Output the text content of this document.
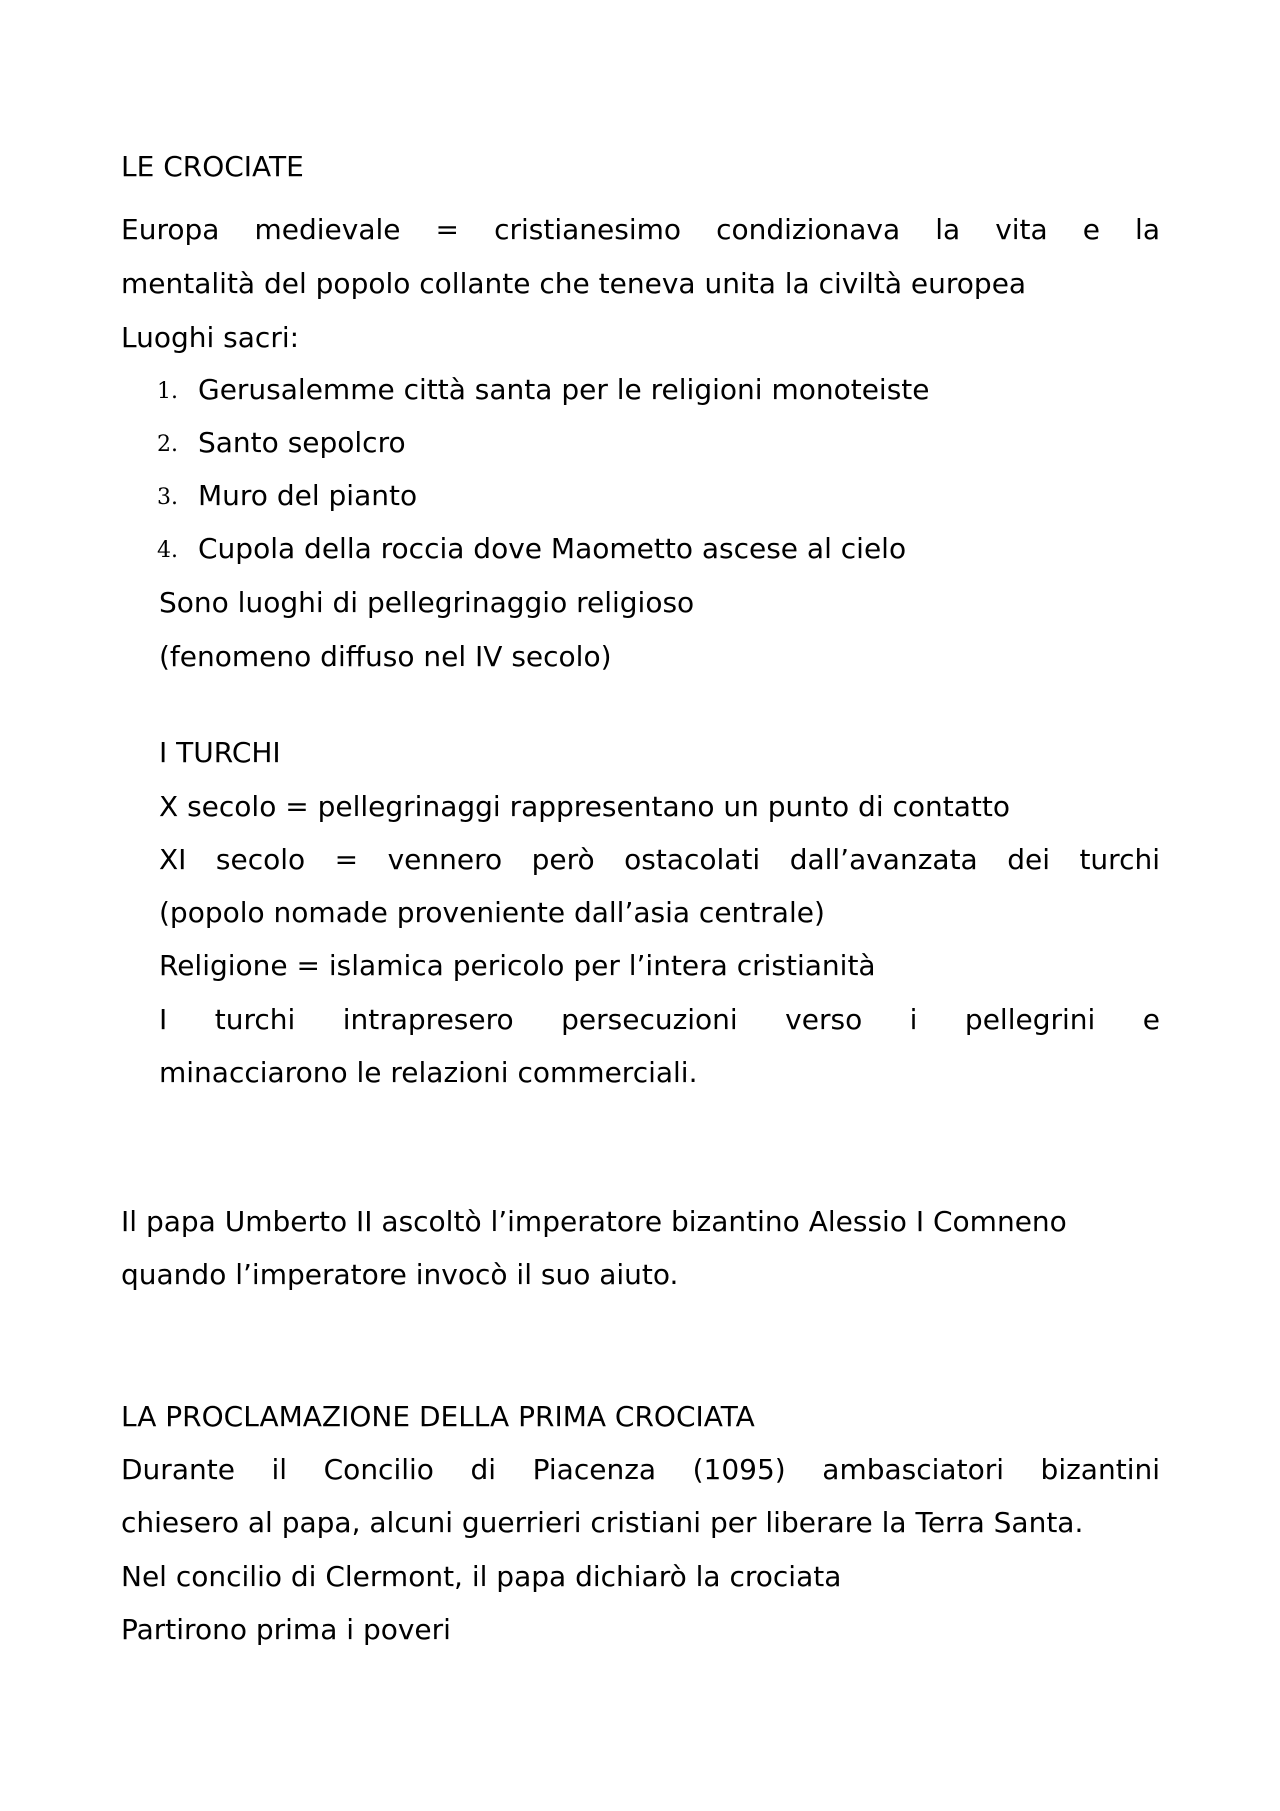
LE CROCIATE

Europa medievale = cristianesimo condizionava la vita e la

mentalità del popolo collante che teneva unita la civiltà europea

Luoghi sacri:

1. Gerusalemme città santa per le religioni monoteiste
2. Santo sepolcro
3. Muro del pianto
4. Cupola della roccia dove Maometto ascese al cielo

Sono luoghi di pellegrinaggio religioso

(fenomeno diffuso nel IV secolo)

I TURCHI

X secolo = pellegrinaggi rappresentano un punto di contatto

XI secolo = vennero però ostacolati dall’avanzata dei turchi

(popolo nomade proveniente dall’asia centrale)

Religione = islamica pericolo per l’intera cristianità

I turchi intrapresero persecuzioni verso i pellegrini e

minacciarono le relazioni commerciali.

Il papa Umberto II ascoltò l’imperatore bizantino Alessio I Comneno

quando l’imperatore invocò il suo aiuto.

LA PROCLAMAZIONE DELLA PRIMA CROCIATA

Durante il Concilio di Piacenza (1095) ambasciatori bizantini

chiesero al papa, alcuni guerrieri cristiani per liberare la Terra Santa.

Nel concilio di Clermont, il papa dichiarò la crociata

Partirono prima i poveri
